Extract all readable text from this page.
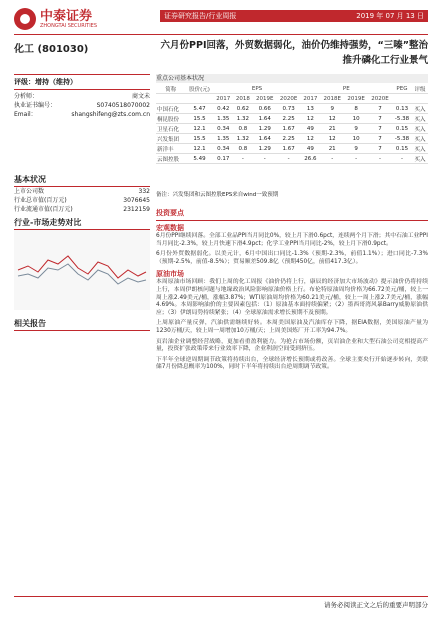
中泰证券
ZHONGTAI SECURITIES
证券研究报告/行业周报	2019 年 07 月 13 日
化工 (801030)	六月份PPI回落，外贸数据弱化，油价仍维持强势，“三嗪”整治
推升磷化工行业景气
评级：增持（维持）
分析师：	商文未
执业证书编号：	S0740518070002
Email：	shangshifeng@zts.com.cn
基本状况
上市公司数	332
行业总市值(百万元)	3076645
行业流通市值(百万元)	2312159
行业-市场走势对比
相关报告
重点公司基本状况
简称	股价(元)	EPS				PE				PEG	评级
		2017	2018	2019E	2020E	2017	2018E	2019E	2020E		
中国石化	5.47	0.42	0.62	0.66	0.73	13	9	8	7	0.13	买入
桐昆股份	15.5	1.35	1.32	1.64	2.25	12	12	10	7	-5.38	买入
卫星石化	12.1	0.34	0.8	1.29	1.67	49	21	9	7	0.15	买入
兴发集团	15.5	1.35	1.32	1.64	2.25	12	12	10	7	-5.38	买入
新洋丰	12.1	0.34	0.8	1.29	1.67	49	21	9	7	0.15	买入
云图控股	5.49	0.17	-	-	-	26.6	-	-	-	-	买入
备注：兴发集团和云图控股EPS来自wind一致预期
投资要点
宏观数据
6月份PPI继续回落。全部工业品PPI当月同比0%，较上月下滑0.6pct，连续两个月下滑；其中石油工业PPI当月同比-2.3%，较上月快速下滑4.9pct；化学工业PPI当月同比-2%，较上月下滑0.9pct。
6月份外贸数据弱化。以美元计，6月中国出口同比-1.3%（预期-2.3%，前值1.1%）；进口同比-7.3%（预期-2.5%，前值-8.5%）；贸易顺差509.8亿（预期450亿，前值417.3亿）。
原油市场
本周原油市场回顾：我们上周的化工周报《油价仍将上行，康辰的经济加大市场波动》提示油价仍将持续上行，本周伊朗核问题与地缘政治风险影响原油价格上行。布伦特原油周均价格为66.72美元/桶，较上一周上涨2.49美元/桶，涨幅3.87%；WTI原油周均价格为60.21美元/桶，较上一周上涨2.7美元/桶，涨幅4.69%。本周影响油价的主要因素包括：（1）原油基本面持续偏紧；（2）墨西哥湾风暴Barry威胁原油供应；（3）伊朗局势持续紧张；（4）全球原油需求增长预期不及预期。
上周原油产量反弹，汽油供需继续好转。本周美国原油及汽油库存下降，据EIA数据，美国原油产量为1230万桶/天，较上周一周增加10万桶/天；上周美国炼厂开工率为94.7%。
页岩油企业调整经营战略，更加看重盈利能力。为抢占市场份额，页岩油企业和大型石油公司竞相提高产量，投资扩张政策带来行业效率下降，企业利润空间受到挤压。
下半年全球逆周期调节政策将持续出台，全球经济增长预期或将改善。全球主要央行开始逐步转向，美联储7月份降息概率为100%，同时下半年将持续出台逆周期调节政策。
请务必阅读正文之后的重要声明部分
